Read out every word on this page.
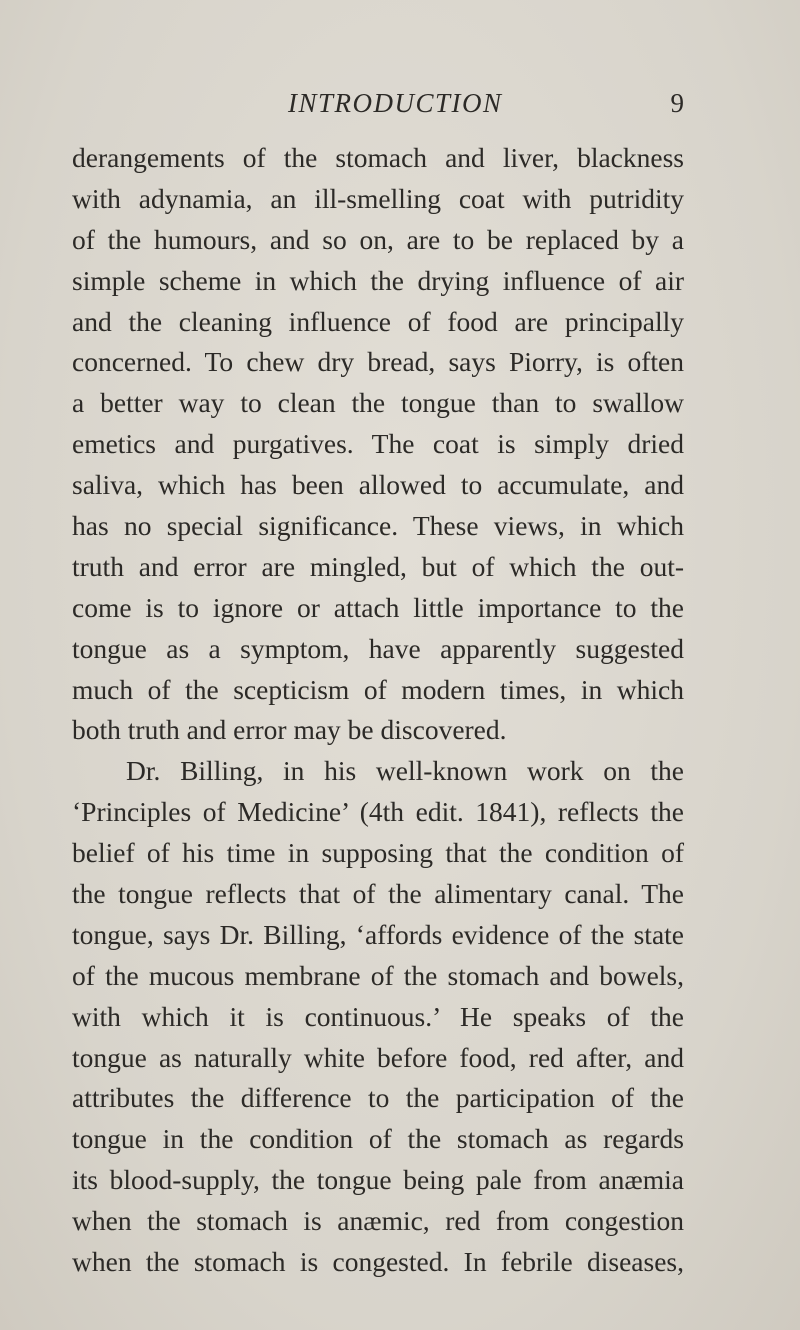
INTRODUCTION	9
derangements of the stomach and liver, blackness
with adynamia, an ill-smelling coat with putridity
of the humours, and so on, are to be replaced by a
simple scheme in which the drying influence of air
and the cleaning influence of food are principally
concerned. To chew dry bread, says Piorry, is often
a better way to clean the tongue than to swallow
emetics and purgatives. The coat is simply dried
saliva, which has been allowed to accumulate, and
has no special significance. These views, in which
truth and error are mingled, but of which the out-
come is to ignore or attach little importance to the
tongue as a symptom, have apparently suggested
much of the scepticism of modern times, in which
both truth and error may be discovered.
Dr. Billing, in his well-known work on the
‘Principles of Medicine’ (4th edit. 1841), reflects the
belief of his time in supposing that the condition of
the tongue reflects that of the alimentary canal. The
tongue, says Dr. Billing, ‘affords evidence of the state
of the mucous membrane of the stomach and bowels,
with which it is continuous.’ He speaks of the
tongue as naturally white before food, red after, and
attributes the difference to the participation of the
tongue in the condition of the stomach as regards
its blood-supply, the tongue being pale from anæmia
when the stomach is anæmic, red from congestion
when the stomach is congested. In febrile diseases,
